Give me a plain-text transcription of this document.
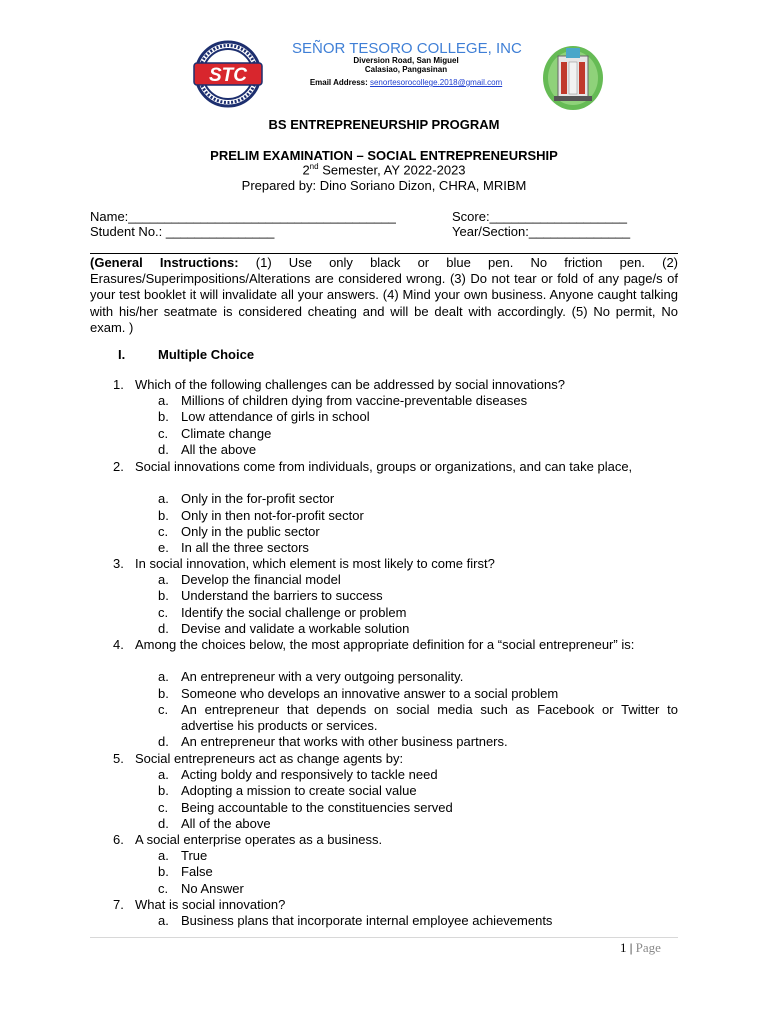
STC
SEÑOR TESORO COLLEGE, INC
Diversion Road, San Miguel
Calasiao, Pangasinan
Email Address: senortesorocollege.2018@gmail.com
BS ENTREPRENEURSHIP PROGRAM
PRELIM EXAMINATION – SOCIAL ENTREPRENEURSHIP
2nd Semester, AY 2022-2023
Prepared by: Dino Soriano Dizon, CHRA, MRIBM
Name:_____________________________________	Score:___________________
Student No.: _______________	Year/Section:______________
(General Instructions: (1) Use only black or blue pen. No friction pen. (2) Erasures/Superimpositions/Alterations are considered wrong. (3) Do not tear or fold of any page/s of your test booklet it will invalidate all your answers. (4) Mind your own business. Anyone caught talking with his/her seatmate is considered cheating and will be dealt with accordingly. (5) No permit, No exam. )
I.	Multiple Choice
1. Which of the following challenges can be addressed by social innovations?
a. Millions of children dying from vaccine-preventable diseases
b. Low attendance of girls in school
c. Climate change
d. All the above
2. Social innovations come from individuals, groups or organizations, and can take place,
a. Only in the for-profit sector
b. Only in then not-for-profit sector
c. Only in the public sector
e. In all the three sectors
3. In social innovation, which element is most likely to come first?
a. Develop the financial model
b. Understand the barriers to success
c. Identify the social challenge or problem
d. Devise and validate a workable solution
4. Among the choices below, the most appropriate definition for a “social entrepreneur” is:
a. An entrepreneur with a very outgoing personality.
b. Someone who develops an innovative answer to a social problem
c. An entrepreneur that depends on social media such as Facebook or Twitter to advertise his products or services.
d. An entrepreneur that works with other business partners.
5. Social entrepreneurs act as change agents by:
a. Acting boldy and responsively to tackle need
b. Adopting a mission to create social value
c. Being accountable to the constituencies served
d. All of the above
6. A social enterprise operates as a business.
a. True
b. False
c. No Answer
7. What is social innovation?
a. Business plans that incorporate internal employee achievements
1 | Page
